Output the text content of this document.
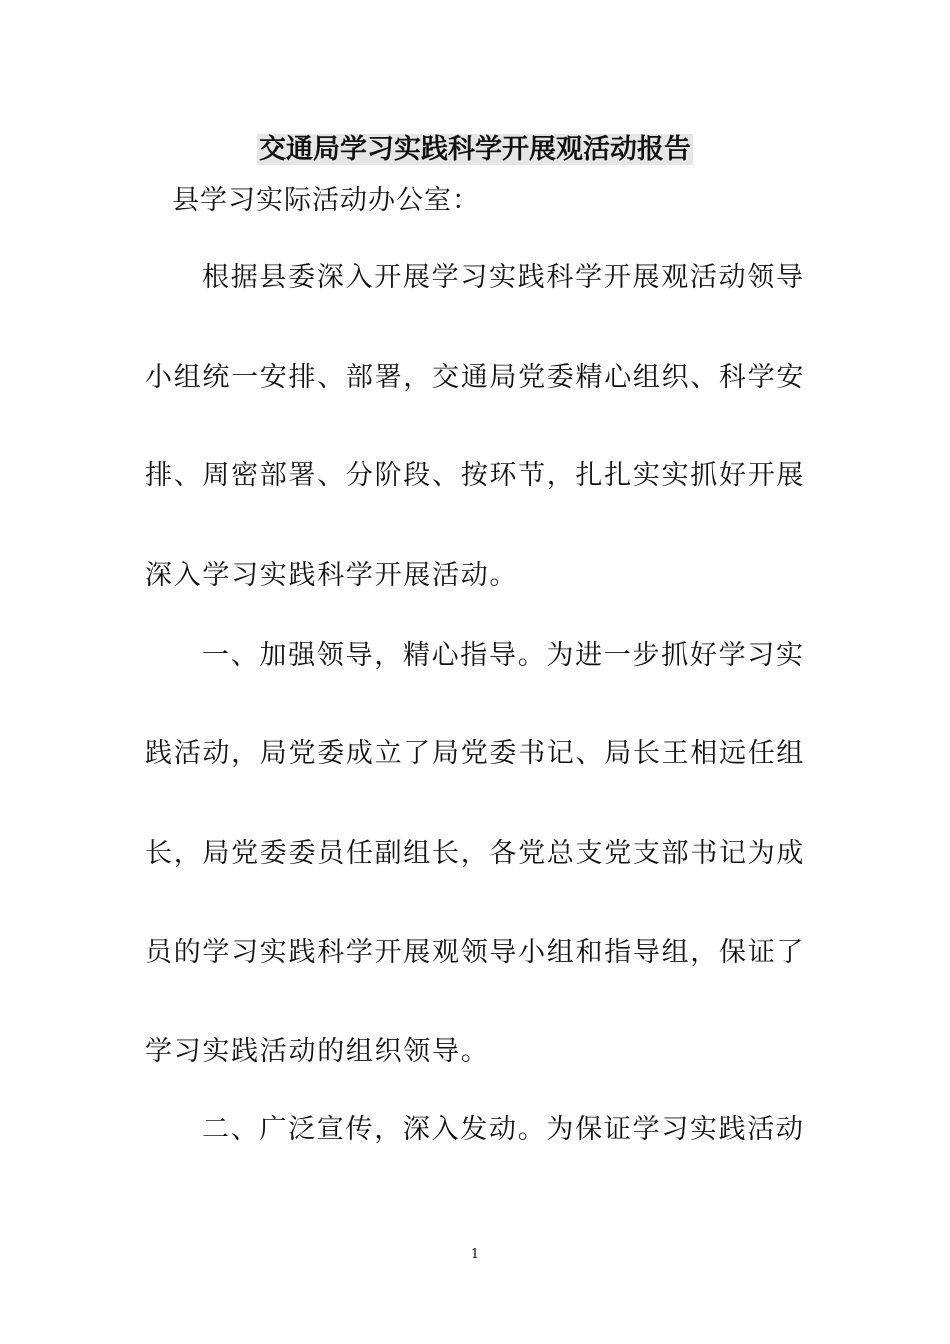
交通局学习实践科学开展观活动报告
县学习实际活动办公室：
根据县委深入开展学习实践科学开展观活动领导
小组统一安排、部署，交通局党委精心组织、科学安
排、周密部署、分阶段、按环节，扎扎实实抓好开展
深入学习实践科学开展活动。
一、加强领导，精心指导。为进一步抓好学习实
践活动，局党委成立了局党委书记、局长王相远任组
长，局党委委员任副组长，各党总支党支部书记为成
员的学习实践科学开展观领导小组和指导组，保证了
学习实践活动的组织领导。
二、广泛宣传，深入发动。为保证学习实践活动
1
